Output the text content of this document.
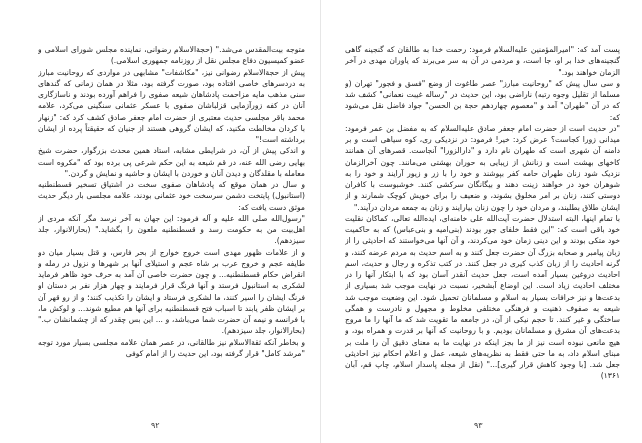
متوجه بیت‌المقدس می‌شد." (حجة‌الاسلام رضوانی، نماینده مجلس شورای اسلامی و عضو کمیسیون دفاع مجلس نقل از روزنامه جمهوری اسلامی.)

پیش از حجة‌الاسلام رضوانی نیز، "مکاشفات" مشابهی در مواردی که روحانیت مبارز به دردسرهای خاصی افتاده بود، صورت گرفته بود، مثلا در همان زمانی که گندهای سنی مذهب مایه مزاحمت پادشاهان شیعه صفوی را فراهم آورده بودند و ناسازگاری آنان در کفه زورآزمایی قزلباشان صفوی با عسکر عثمانی سنگینی می‌کرد، علامه محمد باقر مجلسی حدیث معتبری از حضرت امام جعفر صادق کشف کرد که: "زنهار با کردان مخالطت مکنید، که ایشان گروهی هستند از جنیان که حقیقتاً پرده از ایشان برداشته است!"

و اندکی پیش از آن، در شرایطی مشابه، استاد همین محدث بزرگوار، حضرت شیخ بهایی رضی الله عنه، در قم شیعه به این حکم شرعی پی برده بود که "مکروه است معامله با مقلدگان و دیدن آنان و خوردن با ایشان و حاشیه و نمایش و گردن."

و سال در همان موقع که پادشاهان صفوی سخت در اشتیاق تسخیر قسطنطنیه (استانبول) پایتخت دشمن سرسخت خود عثمانی بودند، علامه مجلسی بار دیگر حدیث موثق دست یافت که:

"رسول‌الله صلی الله علیه و آله فرمود: این جهان به آخر نرسد مگر آنکه مردی از اهل‌بیت من به حکومت رسد و قسطنطنیه ملعون را بگشاید." (بحارالانوار، جلد سیزدهم).

و از علامات ظهور مهدی است خروج خوارج از بحر فارس، و قتل بسیار میان دو طایفه عجم و خروج عرب بر شاه عجم و استیلای آنها بر شهرها و نزول در رمله و انقراض حکام قسطنطنیه... و چون حضرت خاصی آن آمد به حرف خود ظاهر فرماید لشکری به استانبول فرستد و آنها فرنگ قرار فرمایند و چهار هزار نفر بر دستان او فرنگ ایشان را اسیر کنند، ما لشکری فرستاد و ایشان را تکذیب کنند؛ و از رو قهر آن بر ایشان ظفر یابند تا اسباب فتح قسطنطنیه برای آنها هم مطیع شوند... و لوکش ما، با فرانسه و نیمه آن حضرت شما می‌باشد، و ... این بس چقدر که از چشمانشان ب." (بحارالانوار، جلد سیزدهم).

و بخاطر آنکه ثقة‌الاسلام نیز طالقانی، در عصر همان علامه مجلسی بسیار مورد توجه "مرشد کامل" قرار گرفته بود، این حدیث را از امام کوفی

۹۲

پست آمد که: "امیرالمؤمنین علیه‌السلام فرمود: رحمت خدا به طالقان که گنجینه گاهی گنجینه‌های خدا بر او، جا است، و مردمی در آن به سر می‌برند که یاوران مهدی در آخر الزمان خواهند بود."

و سی سال پیش که "روحانیت مبارز" عصر طاغوت از وضع "فسق و فجور" تهران (و مسلما از تقلیل وجوه رتبه) ناراضی بود، این حدیث در "رساله غیبت نعمانی" کشف شد که در آن "طهران" آمد و "معصوم چهاردهم حجة بن الحسن" جواد فاضل نقل می‌شود که:

"در حدیث است از حضرت امام جعفر صادق علیه‌السلام که به مفضل بن عمر فرمود: میدانی زورا کجاست؟ عرض کرد: خیر! فرمود: در نزدیکی ری، کوه سیاهی است و بر دامنه آن شهری است که طهران نام دارد و "دارالزورا" آنجاست. قصرهای آن همانند کاخهای بهشت است و زنانش از زیبایی به حوران بهشتی می‌مانند. چون آخرالزمان نزدیک شود زنان طهران حامه کفر بپوشند و خود را با زر و زیور آرایند و خود را به شوهران خود در خواهند زینت دهند و بیگانگان سرکشی کنند. خوشبوست با کافران دوستی کنند، زنان بر امر مخلوق بشوند، و ضعیف را برای خویش کوچک شمارند و از ایشان طلاق بطلبند، و مردان خود را چون زنان بیارایند و زنان به جمعه مردان درآیند."

با تمام اینها، البته استدلال حضرت آیت‌الله علی خامنه‌ای، ایده‌الله تعالی، کماکان نقلیت خود باقی است که: "این فقط خلفای جور بودند (بنی‌امیه و بنی‌عباس) که به حاکمیت خود متکی بودند و این دینی زمان خود می‌کردند، و آن آنها می‌خواستند که احادیثی را از زبان پیامبر و صحابه بزرگ آن حضرت جعل کنند و به اسم حدیث به مردم عرضه کنند، و گرنه احادیث را از زبان کذب کیری در جعل کنند. در کتب تذکره و رجال و حدیث، اسم احادیث دروغین بسیار آمده است، جعل حدیث آنقدر آسان بود که با ابتکار آنها را در مختلف احادیث زیاد است. این اوضاع آبشخیر، نسبت در نهایت موجب شد بسیاری از بدعت‌ها و نیز خرافات بسیار به اسلام و مسلمانان تحمیل شود. این وضعیت موجب شد شیعه به صفوف ذهنیت و فرهنگی مختلفی مخلوط و مجهول و نادرست و همگی ساختگی و غیر کنند. تا حجم نیکی از آن، در جامعه ما تقویت شد که ما آنها را ما مروج بدعت‌های آن مشرق و مسلمانان بودیم. و با روحانیت که آنها بر قدرت و همراه بود، و هیچ مانعی نبوده است نیز از ما بجز اینکه در نهایت ما به معنای دقیق آن را ملت بر مبنای اسلام داد، به ما حتی فقط به نظریه‌های شیعه، عمل و اعلام احکام نیز احادیثی جعل شد. [با وجود کاهش قرار گیری]..." (نقل از مجله پاسدار اسلام، چاپ قم، آبان ۱۳۶۱)

۹۳
